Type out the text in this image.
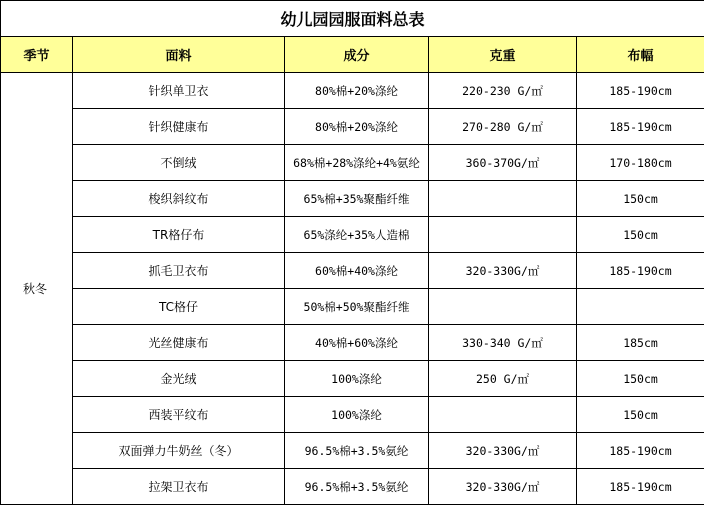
幼儿园园服面料总表				
季节	面料	成分	克重	布幅
秋冬	针织单卫衣	80%棉+20%涤纶	220-230 G/㎡	185-190cm
	针织健康布	80%棉+20%涤纶	270-280 G/㎡	185-190cm
	不倒绒	68%棉+28%涤纶+4%氨纶	360-370G/㎡	170-180cm
	梭织斜纹布	65%棉+35%聚酯纤维		150cm
	TR格仔布	65%涤纶+35%人造棉		150cm
	抓毛卫衣布	60%棉+40%涤纶	320-330G/㎡	185-190cm
	TC格仔	50%棉+50%聚酯纤维		
	光丝健康布	40%棉+60%涤纶	330-340 G/㎡	185cm
	金光绒	100%涤纶	250 G/㎡	150cm
	西装平纹布	100%涤纶		150cm
	双面弹力牛奶丝（冬）	96.5%棉+3.5%氨纶	320-330G/㎡	185-190cm
	拉架卫衣布	96.5%棉+3.5%氨纶	320-330G/㎡	185-190cm
